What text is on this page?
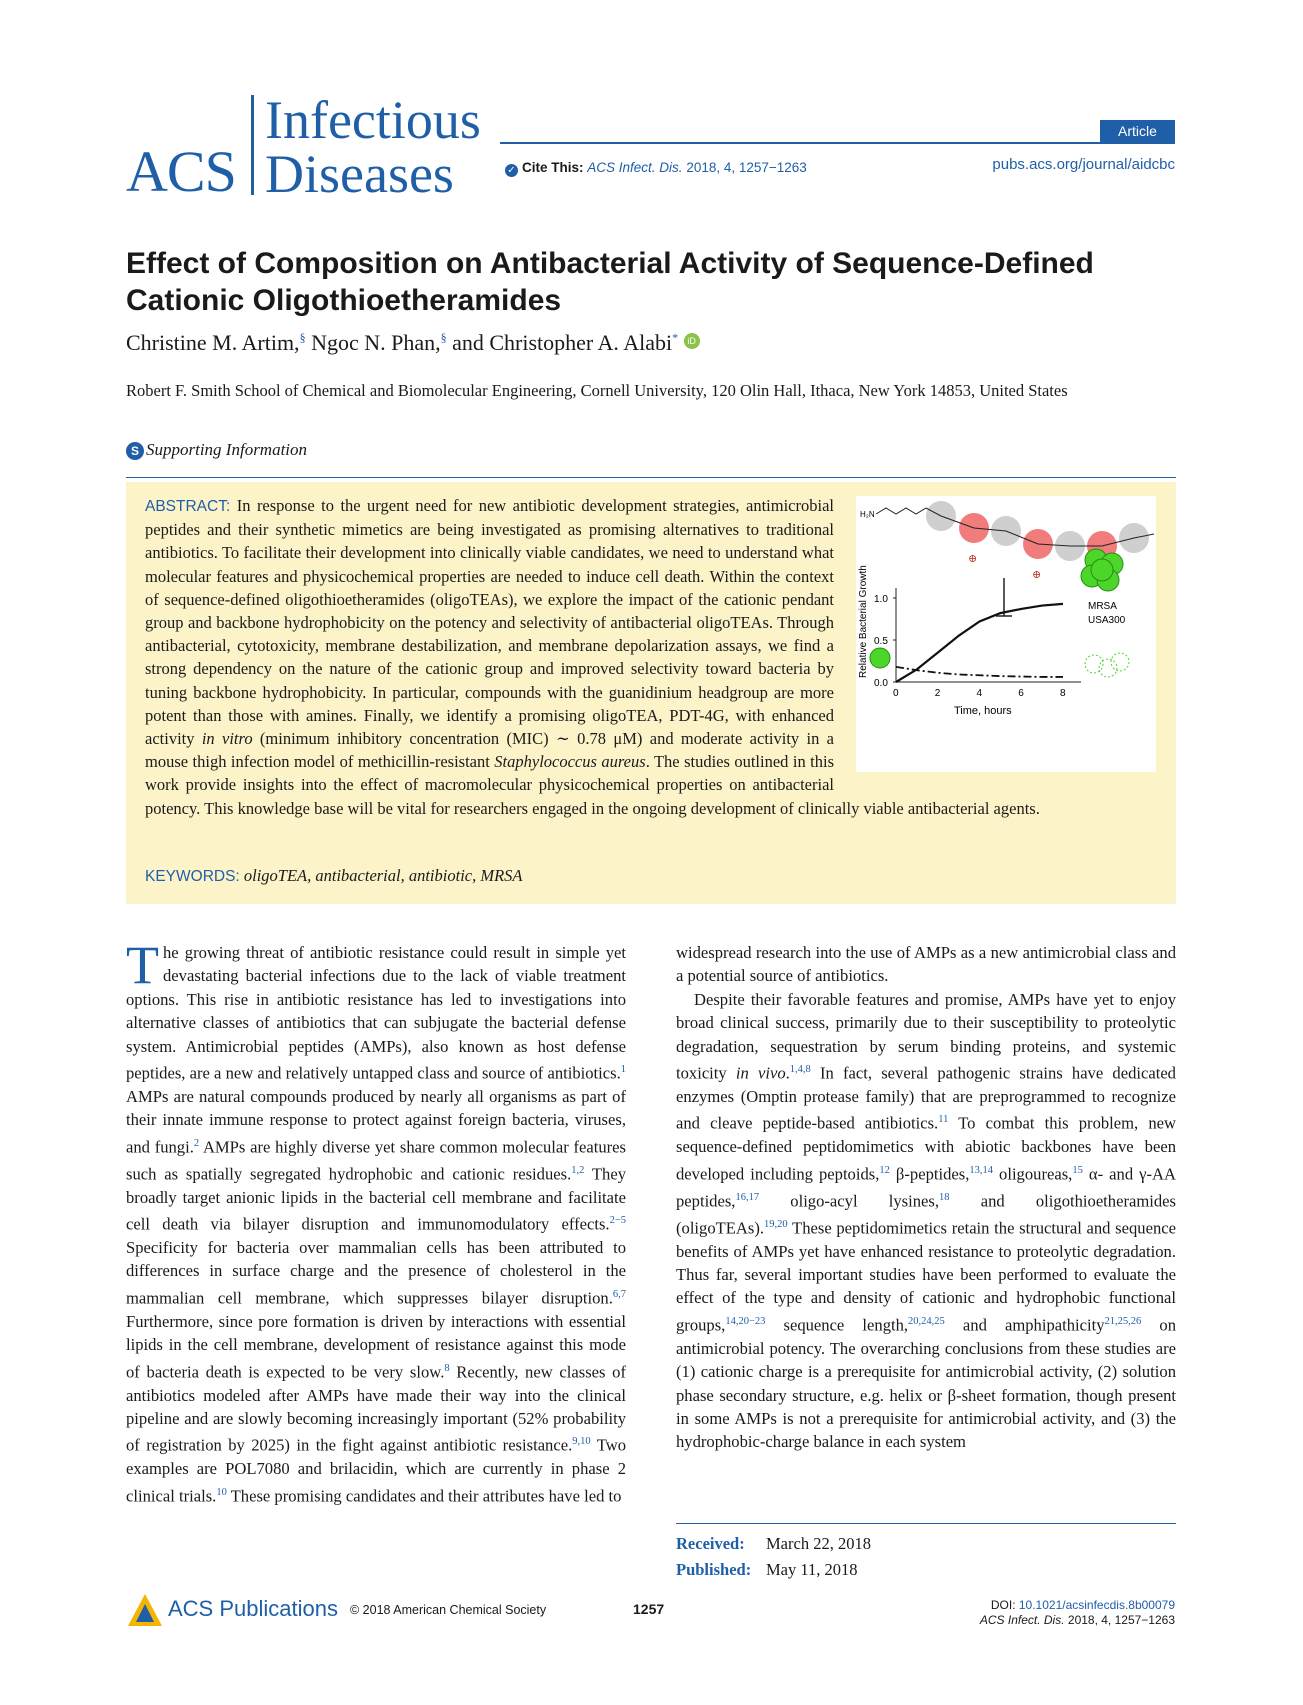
ACS
Infectious
Diseases
Article
✓ Cite This: ACS Infect. Dis. 2018, 4, 1257−1263	pubs.acs.org/journal/aidcbc
Effect of Composition on Antibacterial Activity of Sequence-Defined Cationic Oligothioetheramides
Christine M. Artim,§ Ngoc N. Phan,§ and Christopher A. Alabi* iD
Robert F. Smith School of Chemical and Biomolecular Engineering, Cornell University, 120 Olin Hall, Ithaca, New York 14853, United States
S Supporting Information
ABSTRACT: In response to the urgent need for new antibiotic development strategies, antimicrobial peptides and their synthetic mimetics are being investigated as promising alternatives to traditional antibiotics. To facilitate their development into clinically viable candidates, we need to understand what molecular features and physicochemical properties are needed to induce cell death. Within the context of sequence-defined oligothioetheramides (oligoTEAs), we explore the impact of the cationic pendant group and backbone hydrophobicity on the potency and selectivity of antibacterial oligoTEAs. Through antibacterial, cytotoxicity, membrane destabilization, and membrane depolarization assays, we find a strong dependency on the nature of the cationic group and improved selectivity toward bacteria by tuning backbone hydrophobicity. In particular, compounds with the guanidinium headgroup are more potent than those with amines. Finally, we identify a promising oligoTEA, PDT-4G, with enhanced activity in vitro (minimum inhibitory concentration (MIC) ∼ 0.78 μM) and moderate activity in a mouse thigh infection model of methicillin-resistant Staphylococcus aureus. The studies outlined in this work provide insights into the effect of macromolecular physicochemical properties on antibacterial potency. This knowledge base will be vital for researchers engaged in the ongoing development of clinically viable antibacterial agents.
KEYWORDS: oligoTEA, antibacterial, antibiotic, MRSA
H₂N
⊕
⊕
0	2	4	6	8
0.0
0.5
1.0
Relative Bacterial Growth
Time, hours
MRSA
USA300

The growing threat of antibiotic resistance could result in simple yet devastating bacterial infections due to the lack of viable treatment options. This rise in antibiotic resistance has led to investigations into alternative classes of antibiotics that can subjugate the bacterial defense system. Antimicrobial peptides (AMPs), also known as host defense peptides, are a new and relatively untapped class and source of antibiotics.$^1$ AMPs are natural compounds produced by nearly all organisms as part of their innate immune response to protect against foreign bacteria, viruses, and fungi.$^2$ AMPs are highly diverse yet share common molecular features such as spatially segregated hydrophobic and cationic residues.$^{1,2}$ They broadly target anionic lipids in the bacterial cell membrane and facilitate cell death via bilayer disruption and immunomodulatory effects.$^{2-5}$ Specificity for bacteria over mammalian cells has been attributed to differences in surface charge and the presence of cholesterol in the mammalian cell membrane, which suppresses bilayer disruption.$^{6,7}$ Furthermore, since pore formation is driven by interactions with essential lipids in the cell membrane, development of resistance against this mode of bacteria death is expected to be very slow.$^8$ Recently, new classes of antibiotics modeled after AMPs have made their way into the clinical pipeline and are slowly becoming increasingly important (52% probability of registration by 2025) in the fight against antibiotic resistance.$^{9,10}$ Two examples are POL7080 and brilacidin, which are currently in phase 2 clinical trials.$^{10}$ These promising candidates and their attributes have led to

widespread research into the use of AMPs as a new antimicrobial class and a potential source of antibiotics.

Despite their favorable features and promise, AMPs have yet to enjoy broad clinical success, primarily due to their susceptibility to proteolytic degradation, sequestration by serum binding proteins, and systemic toxicity in vivo.$^{1,4,8}$ In fact, several pathogenic strains have dedicated enzymes (Omptin protease family) that are preprogrammed to recognize and cleave peptide-based antibiotics.$^{11}$ To combat this problem, new sequence-defined peptidomimetics with abiotic backbones have been developed including peptoids,$^{12}$ β-peptides,$^{13,14}$ oligoureas,$^{15}$ α- and γ-AA peptides,$^{16,17}$ oligo-acyl lysines,$^{18}$ and oligothioetheramides (oligoTEAs).$^{19,20}$ These peptidomimetics retain the structural and sequence benefits of AMPs yet have enhanced resistance to proteolytic degradation. Thus far, several important studies have been performed to evaluate the effect of the type and density of cationic and hydrophobic functional groups,$^{14,20-23}$ sequence length,$^{20,24,25}$ and amphipathicity$^{21,25,26}$ on antimicrobial potency. The overarching conclusions from these studies are (1) cationic charge is a prerequisite for antimicrobial activity, (2) solution phase secondary structure, e.g. helix or β-sheet formation, though present in some AMPs is not a prerequisite for antimicrobial activity, and (3) the hydrophobic-charge balance in each system

Received: March 22, 2018
Published: May 11, 2018
ACS Publications © 2018 American Chemical Society	1257	DOI: 10.1021/acsinfecdis.8b00079
ACS Infect. Dis. 2018, 4, 1257−1263
